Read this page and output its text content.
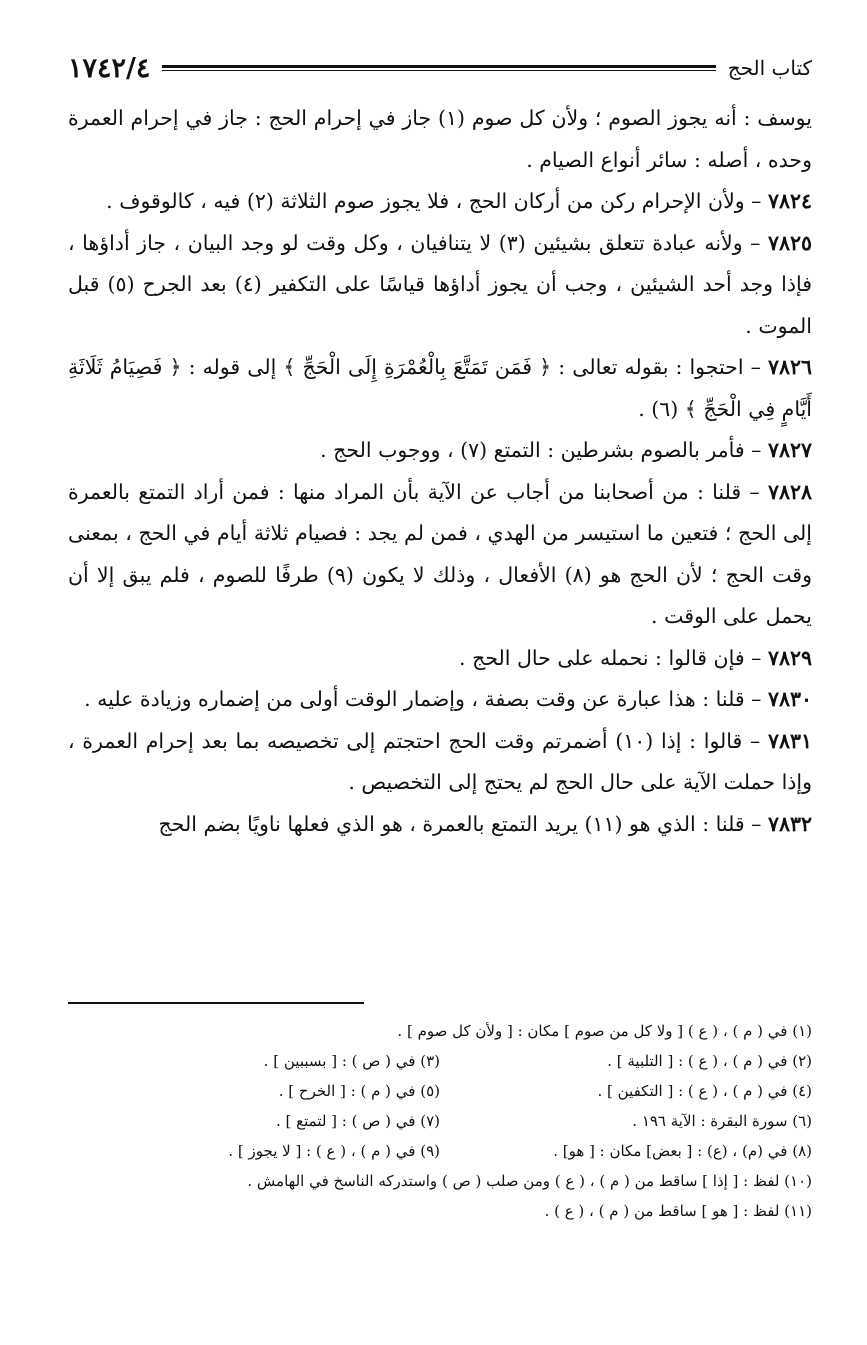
كتاب الحج
١٧٤٢/٤

يوسف : أنه يجوز الصوم ؛ ولأن كل صوم (١) جاز في إحرام الحج : جاز في إحرام العمرة وحده ، أصله : سائر أنواع الصيام .

٧٨٢٤ – ولأن الإحرام ركن من أركان الحج ، فلا يجوز صوم الثلاثة (٢) فيه ، كالوقوف .

٧٨٢٥ – ولأنه عبادة تتعلق بشيئين (٣) لا يتنافيان ، وكل وقت لو وجد البيان ، جاز أداؤها ، فإذا وجد أحد الشيئين ، وجب أن يجوز أداؤها قياسًا على التكفير (٤) بعد الجرح (٥) قبل الموت .

٧٨٢٦ – احتجوا : بقوله تعالى : ﴿ فَمَن تَمَتَّعَ بِالْعُمْرَةِ إِلَى الْحَجِّ ﴾ إلى قوله : ﴿ فَصِيَامُ ثَلَاثَةِ أَيَّامٍ فِي الْحَجِّ ﴾ (٦) .

٧٨٢٧ – فأمر بالصوم بشرطين : التمتع (٧) ، ووجوب الحج .

٧٨٢٨ – قلنا : من أصحابنا من أجاب عن الآية بأن المراد منها : فمن أراد التمتع بالعمرة إلى الحج ؛ فتعين ما استيسر من الهدي ، فمن لم يجد : فصيام ثلاثة أيام في الحج ، بمعنى وقت الحج ؛ لأن الحج هو (٨) الأفعال ، وذلك لا يكون (٩) طرفًا للصوم ، فلم يبق إلا أن يحمل على الوقت .

٧٨٢٩ – فإن قالوا : نحمله على حال الحج .

٧٨٣٠ – قلنا : هذا عبارة عن وقت بصفة ، وإضمار الوقت أولى من إضماره وزيادة عليه .

٧٨٣١ – قالوا : إذا (١٠) أضمرتم وقت الحج احتجتم إلى تخصيصه بما بعد إحرام العمرة ، وإذا حملت الآية على حال الحج لم يحتج إلى التخصيص .

٧٨٣٢ – قلنا : الذي هو (١١) يريد التمتع بالعمرة ، هو الذي فعلها ناويًا بضم الحج

(١) في ( م ) ، ( ع ) [ ولا كل من صوم ] مكان : [ ولأن كل صوم ] .
(٢) في ( م ) ، ( ع ) : [ التلبية ] .
(٣) في ( ص ) : [ بسببين ] .
(٤) في ( م ) ، ( ع ) : [ التكفين ] .
(٥) في ( م ) : [ الخرح ] .
(٦) سورة البقرة : الآية ١٩٦ .
(٧) في ( ص ) : [ لتمتع ] .
(٨) في (م) ، (ع) : [ بعض] مكان : [ هو] .
(٩) في ( م ) ، ( ع ) : [ لا يجوز ] .
(١٠) لفظ : [ إذا ] ساقط من ( م ) ، ( ع ) ومن صلب ( ص ) واستدركه الناسخ في الهامش .
(١١) لفظ : [ هو ] ساقط من ( م ) ، ( ع ) .
